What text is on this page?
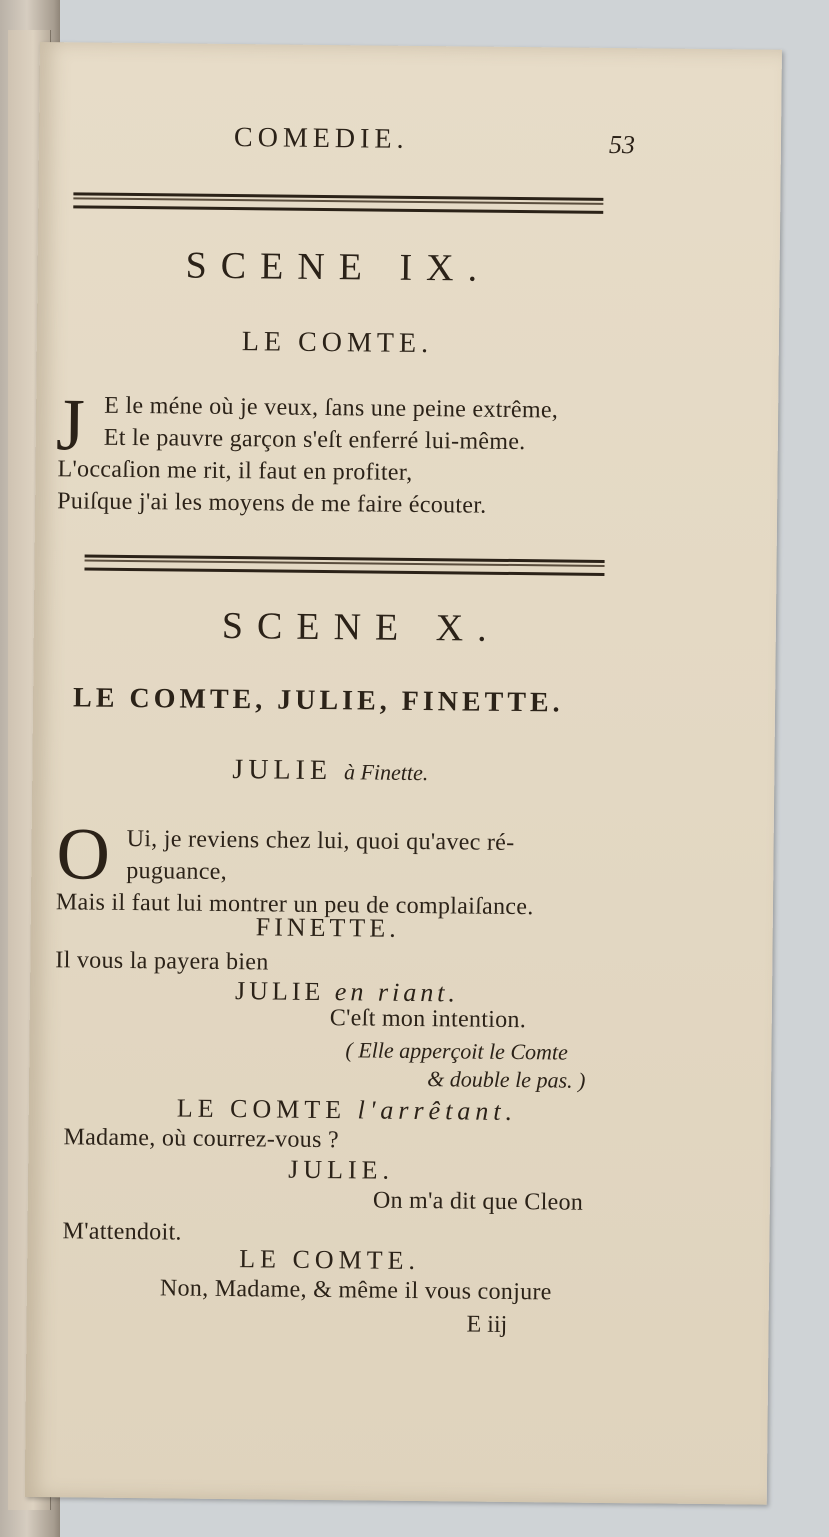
COMEDIE.	53
SCENE IX.
LE COMTE.
J E le méne où je veux, ſans une peine extrême,
Et le pauvre garçon s'eſt enferré lui-même.
L'occaſion me rit, il faut en profiter,
Puiſque j'ai les moyens de me faire écouter.
SCENE X.
LE COMTE, JULIE, FINETTE.
JULIE à Finette.
O Ui, je reviens chez lui, quoi qu'avec ré-
puguance,
Mais il faut lui montrer un peu de complaiſance.
FINETTE.
Il vous la payera bien
JULIE en riant.
C'eſt mon intention.
( Elle apperçoit le Comte
& double le pas. )
LE COMTE l'arrêtant.
Madame, où courrez-vous ?
JULIE.
On m'a dit que Cleon
M'attendoit.
LE COMTE.
Non, Madame, & même il vous conjure
E iij
